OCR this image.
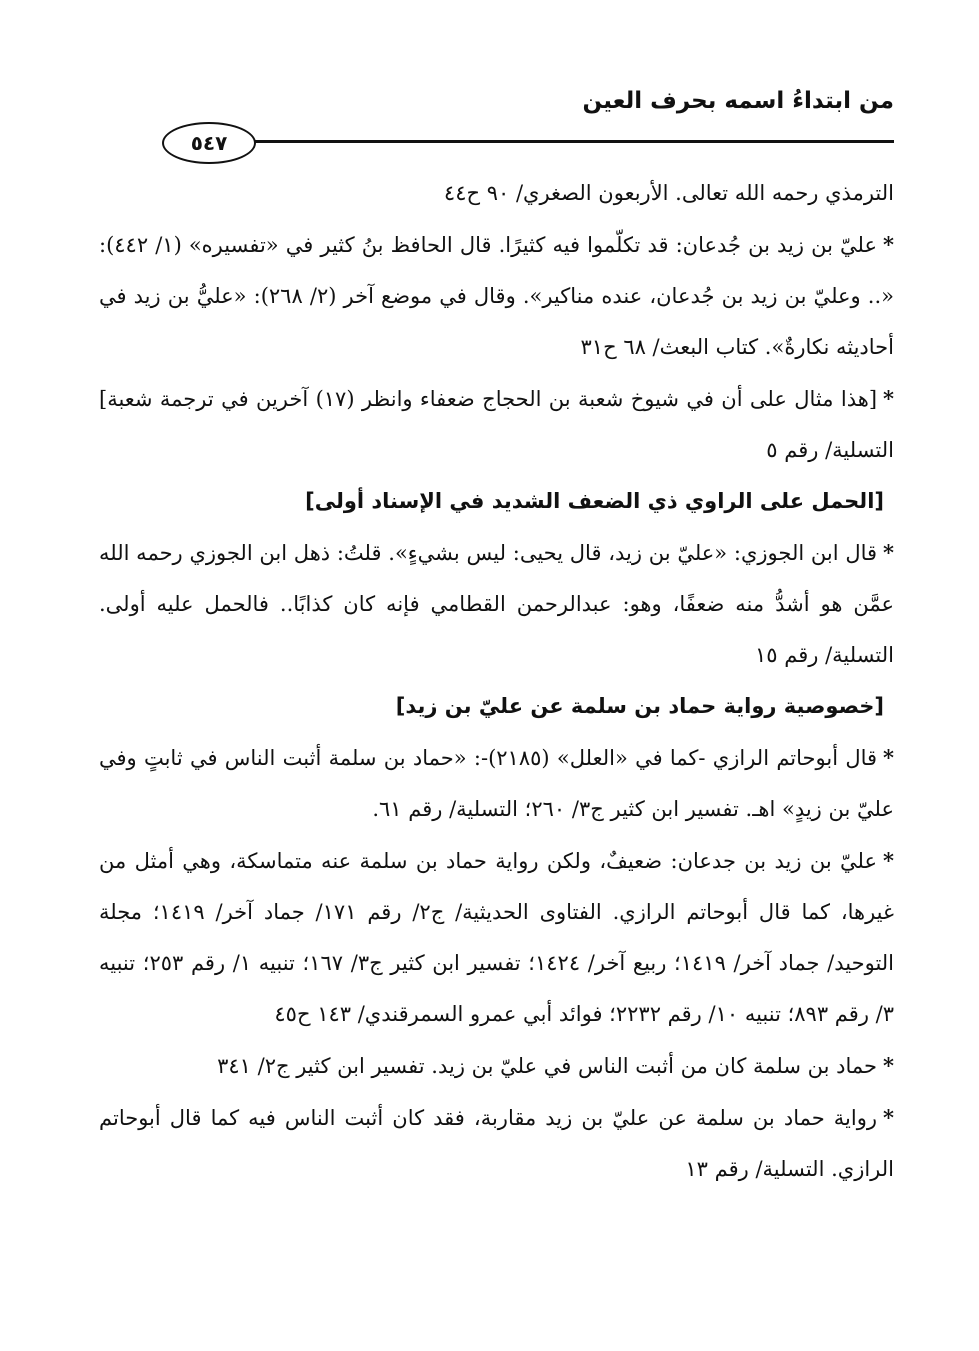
من ابتداءُ اسمه بحرف العين
٥٤٧

الترمذي رحمه الله تعالى. الأربعون الصغري/ ٩٠ ح٤٤

*عليّ بن زيد بن جُدعان: قد تكلّموا فيه كثيرًا. قال الحافظ بنُ كثير في «تفسيره» (١/ ٤٤٢): «.. وعليّ بن زيد بن جُدعان، عنده مناكير». وقال في موضع آخر (٢/ ٢٦٨): «عليُّ بن زيد في أحاديثه نكارةٌ». كتاب البعث/ ٦٨ ح٣١

*[هذا مثال على أن في شيوخ شعبة بن الحجاج ضعفاء وانظر (١٧) آخرين في ترجمة شعبة] التسلية/ رقم ٥

[الحمل على الراوي ذي الضعف الشديد في الإسناد أولى]

*قال ابن الجوزي: «عليّ بن زيد، قال يحيى: ليس بشيءٍ». قلتُ: ذهل ابن الجوزي رحمه الله عمَّن هو أشدُّ منه ضعفًا، وهو: عبدالرحمن القطامي فإنه كان كذابًا.. فالحمل عليه أولى. التسلية/ رقم ١٥

[خصوصية رواية حماد بن سلمة عن عليّ بن زيد]

*قال أبوحاتم الرازي -كما في «العلل» (٢١٨٥)-: «حماد بن سلمة أثبت الناس في ثابتٍ وفي عليّ بن زيدٍ» اهـ. تفسير ابن كثير ج٣/ ٢٦٠؛ التسلية/ رقم ٦١.

*عليّ بن زيد بن جدعان: ضعيفٌ، ولكن رواية حماد بن سلمة عنه متماسكة، وهي أمثل من غيرها، كما قال أبوحاتم الرازي. الفتاوى الحديثية/ ج٢/ رقم ١٧١/ جماد آخر/ ١٤١٩؛ مجلة التوحيد/ جماد آخر/ ١٤١٩؛ ربيع آخر/ ١٤٢٤؛ تفسير ابن كثير ج٣/ ١٦٧؛ تنبيه ١/ رقم ٢٥٣؛ تنبيه ٣/ رقم ٨٩٣؛ تنبيه ١٠/ رقم ٢٢٣٢؛ فوائد أبي عمرو السمرقندي/ ١٤٣ ح٤٥

*حماد بن سلمة كان من أثبت الناس في عليّ بن زيد. تفسير ابن كثير ج٢/ ٣٤١

*رواية حماد بن سلمة عن عليّ بن زيد مقاربة، فقد كان أثبت الناس فيه كما قال أبوحاتم الرازي. التسلية/ رقم ١٣
